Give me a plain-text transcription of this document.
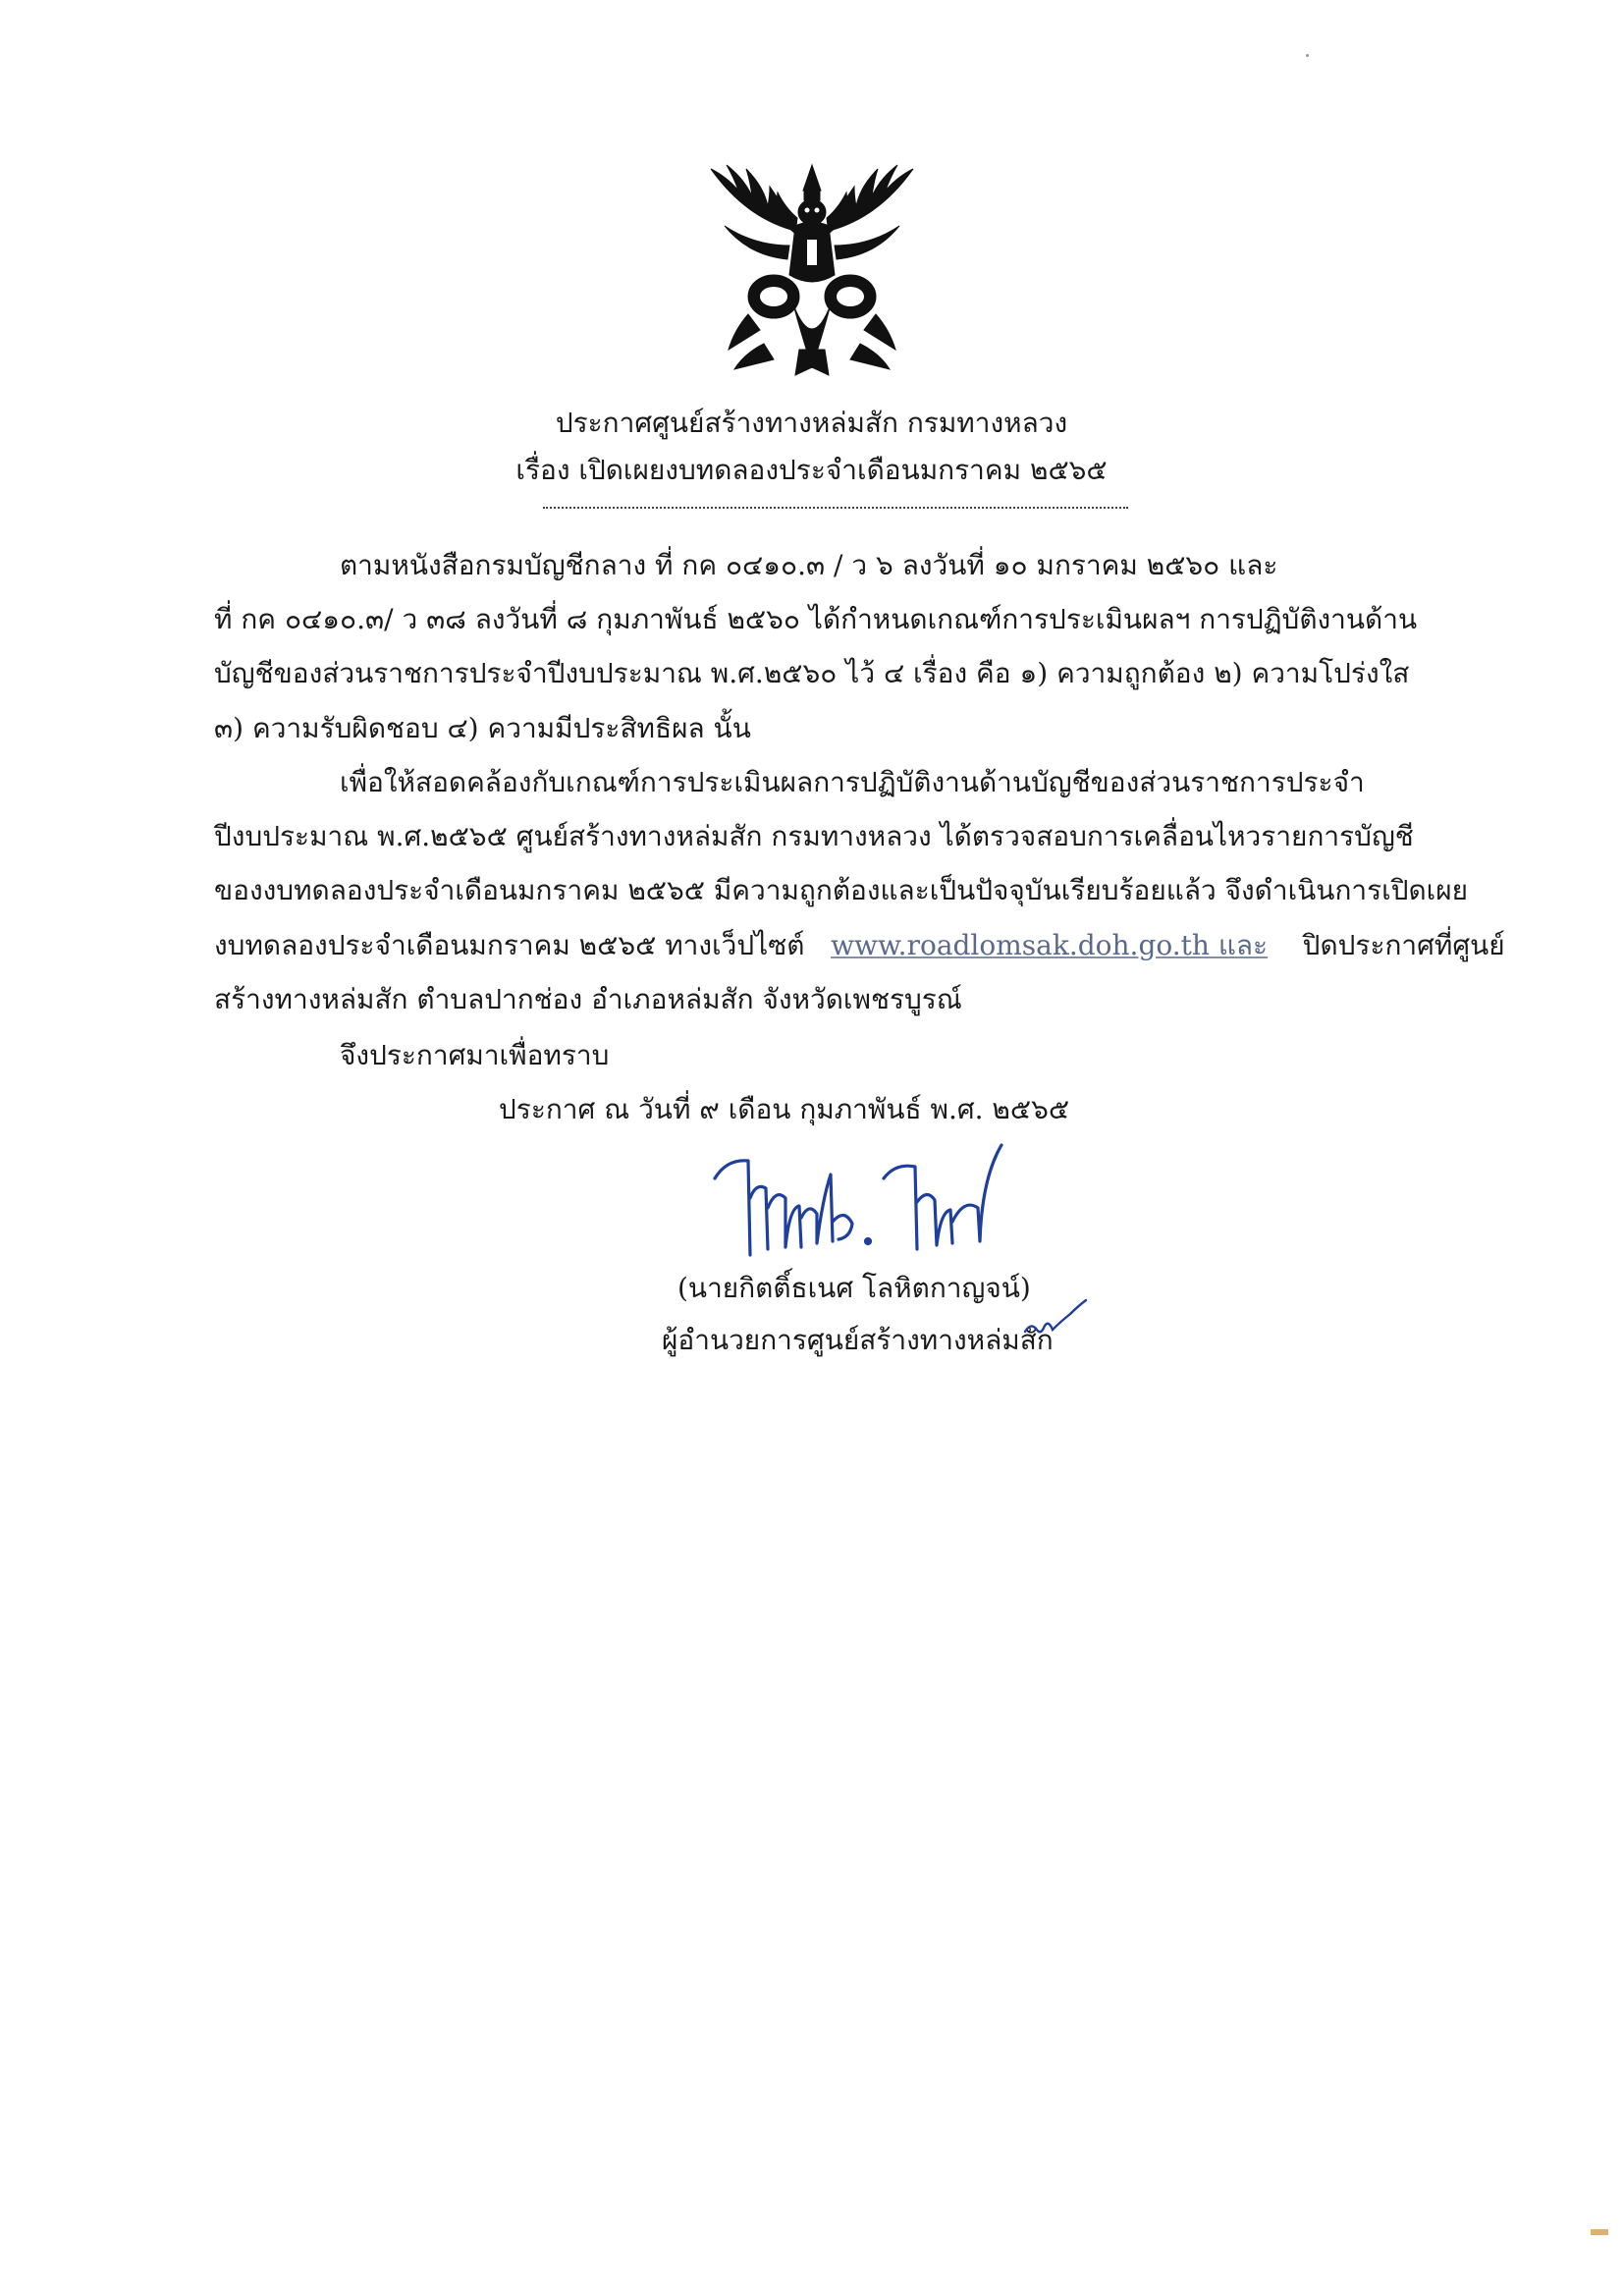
ประกาศศูนย์สร้างทางหล่มสัก กรมทางหลวง
เรื่อง เปิดเผยงบทดลองประจำเดือนมกราคม ๒๕๖๕
ตามหนังสือกรมบัญชีกลาง ที่ กค ๐๔๑๐.๓ / ว ๖ ลงวันที่ ๑๐ มกราคม ๒๕๖๐ และ
ที่ กค ๐๔๑๐.๓/ ว ๓๘ ลงวันที่ ๘ กุมภาพันธ์ ๒๕๖๐ ได้กำหนดเกณฑ์การประเมินผลฯ การปฏิบัติงานด้าน
บัญชีของส่วนราชการประจำปีงบประมาณ พ.ศ.๒๕๖๐ ไว้ ๔ เรื่อง คือ ๑) ความถูกต้อง ๒) ความโปร่งใส
๓) ความรับผิดชอบ ๔) ความมีประสิทธิผล นั้น
เพื่อให้สอดคล้องกับเกณฑ์การประเมินผลการปฏิบัติงานด้านบัญชีของส่วนราชการประจำ
ปีงบประมาณ พ.ศ.๒๕๖๕ ศูนย์สร้างทางหล่มสัก กรมทางหลวง ได้ตรวจสอบการเคลื่อนไหวรายการบัญชี
ของงบทดลองประจำเดือนมกราคม ๒๕๖๕ มีความถูกต้องและเป็นปัจจุบันเรียบร้อยแล้ว จึงดำเนินการเปิดเผย
งบทดลองประจำเดือนมกราคม ๒๕๖๕ ทางเว็ปไซต์ www.roadlomsak.doh.go.th และ ปิดประกาศที่ศูนย์
สร้างทางหล่มสัก ตำบลปากช่อง อำเภอหล่มสัก จังหวัดเพชรบูรณ์
จึงประกาศมาเพื่อทราบ
ประกาศ ณ วันที่ ๙ เดือน กุมภาพันธ์ พ.ศ. ๒๕๖๕
(นายกิตติ์ธเนศ โลหิตกาญจน์)
ผู้อำนวยการศูนย์สร้างทางหล่มสัก
